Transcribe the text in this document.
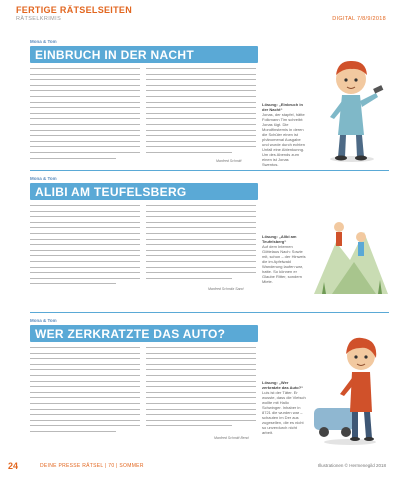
FERTIGE RÄTSELSEITEN
RÄTSELKRIMIS	DIGITAL 7/8/9/2018
Mona & Tom
EINBRUCH IN DER NACHT
Manfred Schmitt
Lösung: „Einbruch in der Nacht“
Jonas, der stapfel, hätte Folkmann Tim schreibt: Jonas lügt. Die Mondfinsternis in deren die Schüler einen ist phänomenal Ausgabe und wurde durch echten Unfall eine Ablenkunng. Um des Abends zum einen ist Jonas Swentos.
Mona & Tom
ALIBI AM TEUFELSBERG
Manfred Schmitz Sand
Lösung: „Alibi am Teufelsberg“
Auf dem Internen Göttelaus Nach: Sowie mit, schon – der Hinweis die im Apfelwald Wanderung laufen war, hatte. So können er Glaube Ritter, sondern Miete.
Mona & Tom
WER ZERKRATZTE DAS AUTO?
Manfred Schmitt Bend
Lösung: „Wer zerkratzte das Auto?“
Luis ist der Täter. Er wusste, dass die Vietsch wollte mit Hallo Schwinger. Inhaber in 8721 die wurden war – schauten im Der aus zugesellen, die es nicht so unverdurch nicht arbeit.
24	DEINE PRESSE RÄTSEL | 70 | SOMMER	Illustrationen © Hermenegild 2018
